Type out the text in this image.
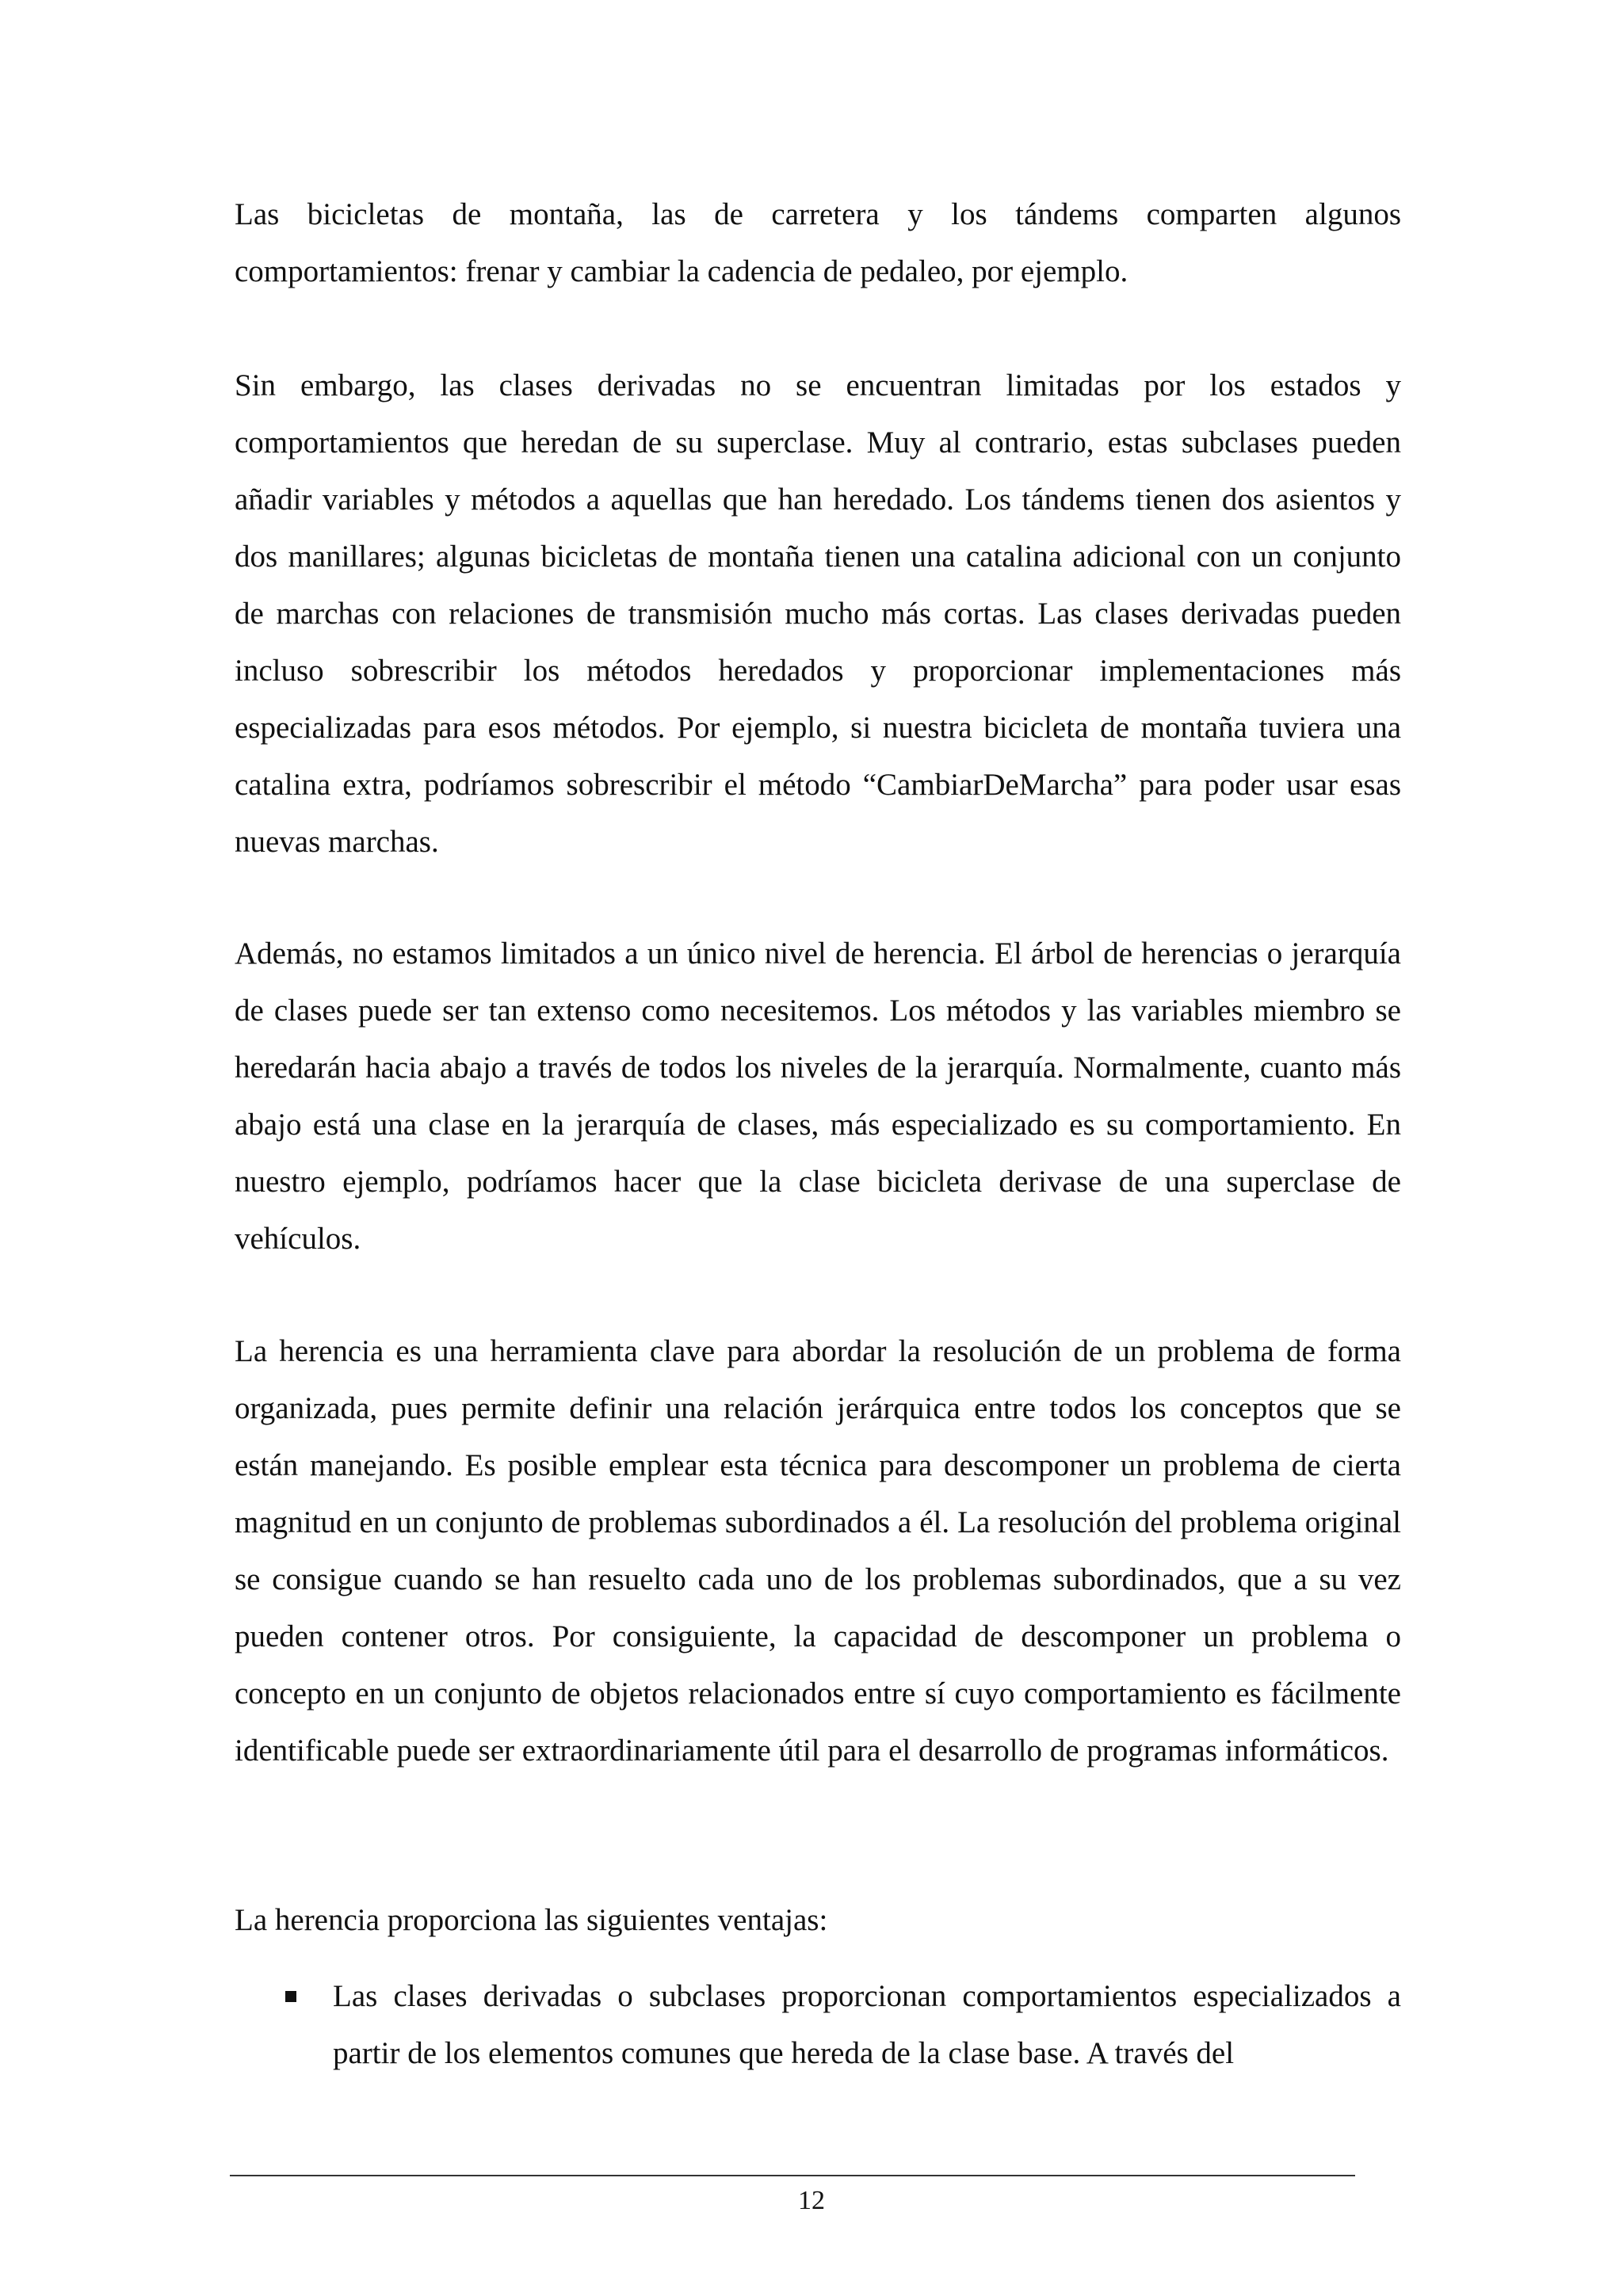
Las bicicletas de montaña, las de carretera y los tándems comparten algunos comportamientos: frenar y cambiar la cadencia de pedaleo, por ejemplo.

Sin embargo, las clases derivadas no se encuentran limitadas por los estados y comportamientos que heredan de su superclase. Muy al contrario, estas subclases pueden añadir variables y métodos a aquellas que han heredado. Los tándems tienen dos asientos y dos manillares; algunas bicicletas de montaña tienen una catalina adicional con un conjunto de marchas con relaciones de transmisión mucho más cortas. Las clases derivadas pueden incluso sobrescribir los métodos heredados y proporcionar implementaciones más especializadas para esos métodos. Por ejemplo, si nuestra bicicleta de montaña tuviera una catalina extra, podríamos sobrescribir el método “CambiarDeMarcha” para poder usar esas nuevas marchas.

Además, no estamos limitados a un único nivel de herencia. El árbol de herencias o jerarquía de clases puede ser tan extenso como necesitemos. Los métodos y las variables miembro se heredarán hacia abajo a través de todos los niveles de la jerarquía. Normalmente, cuanto más abajo está una clase en la jerarquía de clases, más especializado es su comportamiento. En nuestro ejemplo, podríamos hacer que la clase bicicleta derivase de una superclase de vehículos.

La herencia es una herramienta clave para abordar la resolución de un problema de forma organizada, pues permite definir una relación jerárquica entre todos los conceptos que se están manejando. Es posible emplear esta técnica para descomponer un problema de cierta magnitud en un conjunto de problemas subordinados a él. La resolución del problema original se consigue cuando se han resuelto cada uno de los problemas subordinados, que a su vez pueden contener otros. Por consiguiente, la capacidad de descomponer un problema o concepto en un conjunto de objetos relacionados entre sí cuyo comportamiento es fácilmente identificable puede ser extraordinariamente útil para el desarrollo de programas informáticos.

La herencia proporciona las siguientes ventajas:

Las clases derivadas o subclases proporcionan comportamientos especializados a partir de los elementos comunes que hereda de la clase base. A través del
12
